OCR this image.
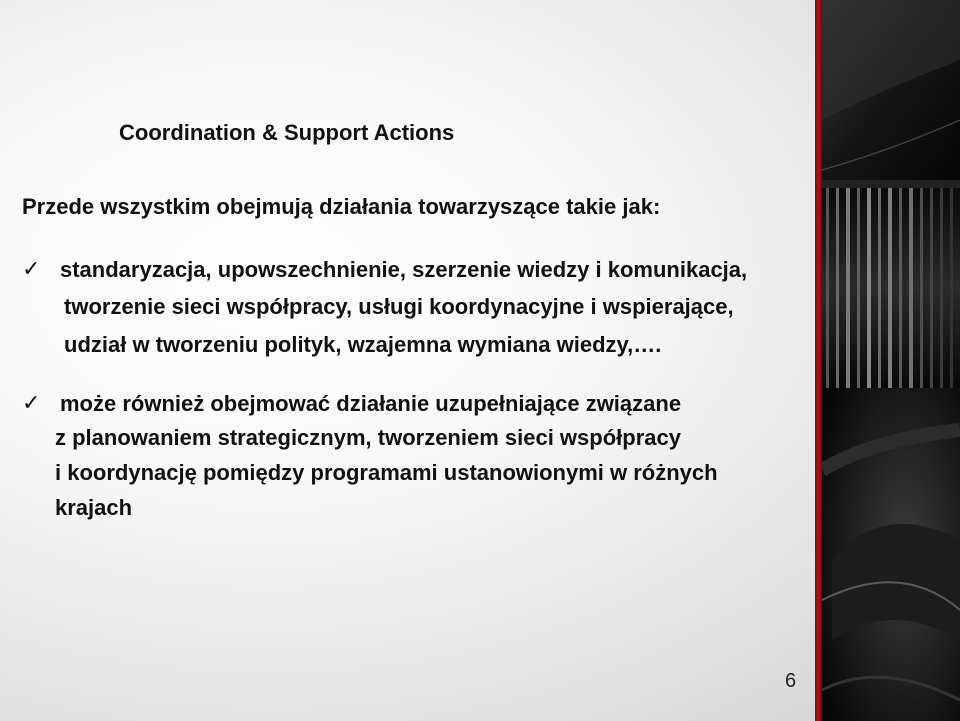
Coordination & Support Actions
Przede wszystkim obejmują działania towarzyszące takie jak:
✓ standaryzacja, upowszechnienie, szerzenie wiedzy i komunikacja,
tworzenie sieci współpracy, usługi koordynacyjne i wspierające,
udział w tworzeniu polityk, wzajemna wymiana wiedzy,….
✓ może również obejmować działanie uzupełniające związane
z planowaniem strategicznym, tworzeniem sieci współpracy
i koordynację pomiędzy programami ustanowionymi w różnych
krajach
6
